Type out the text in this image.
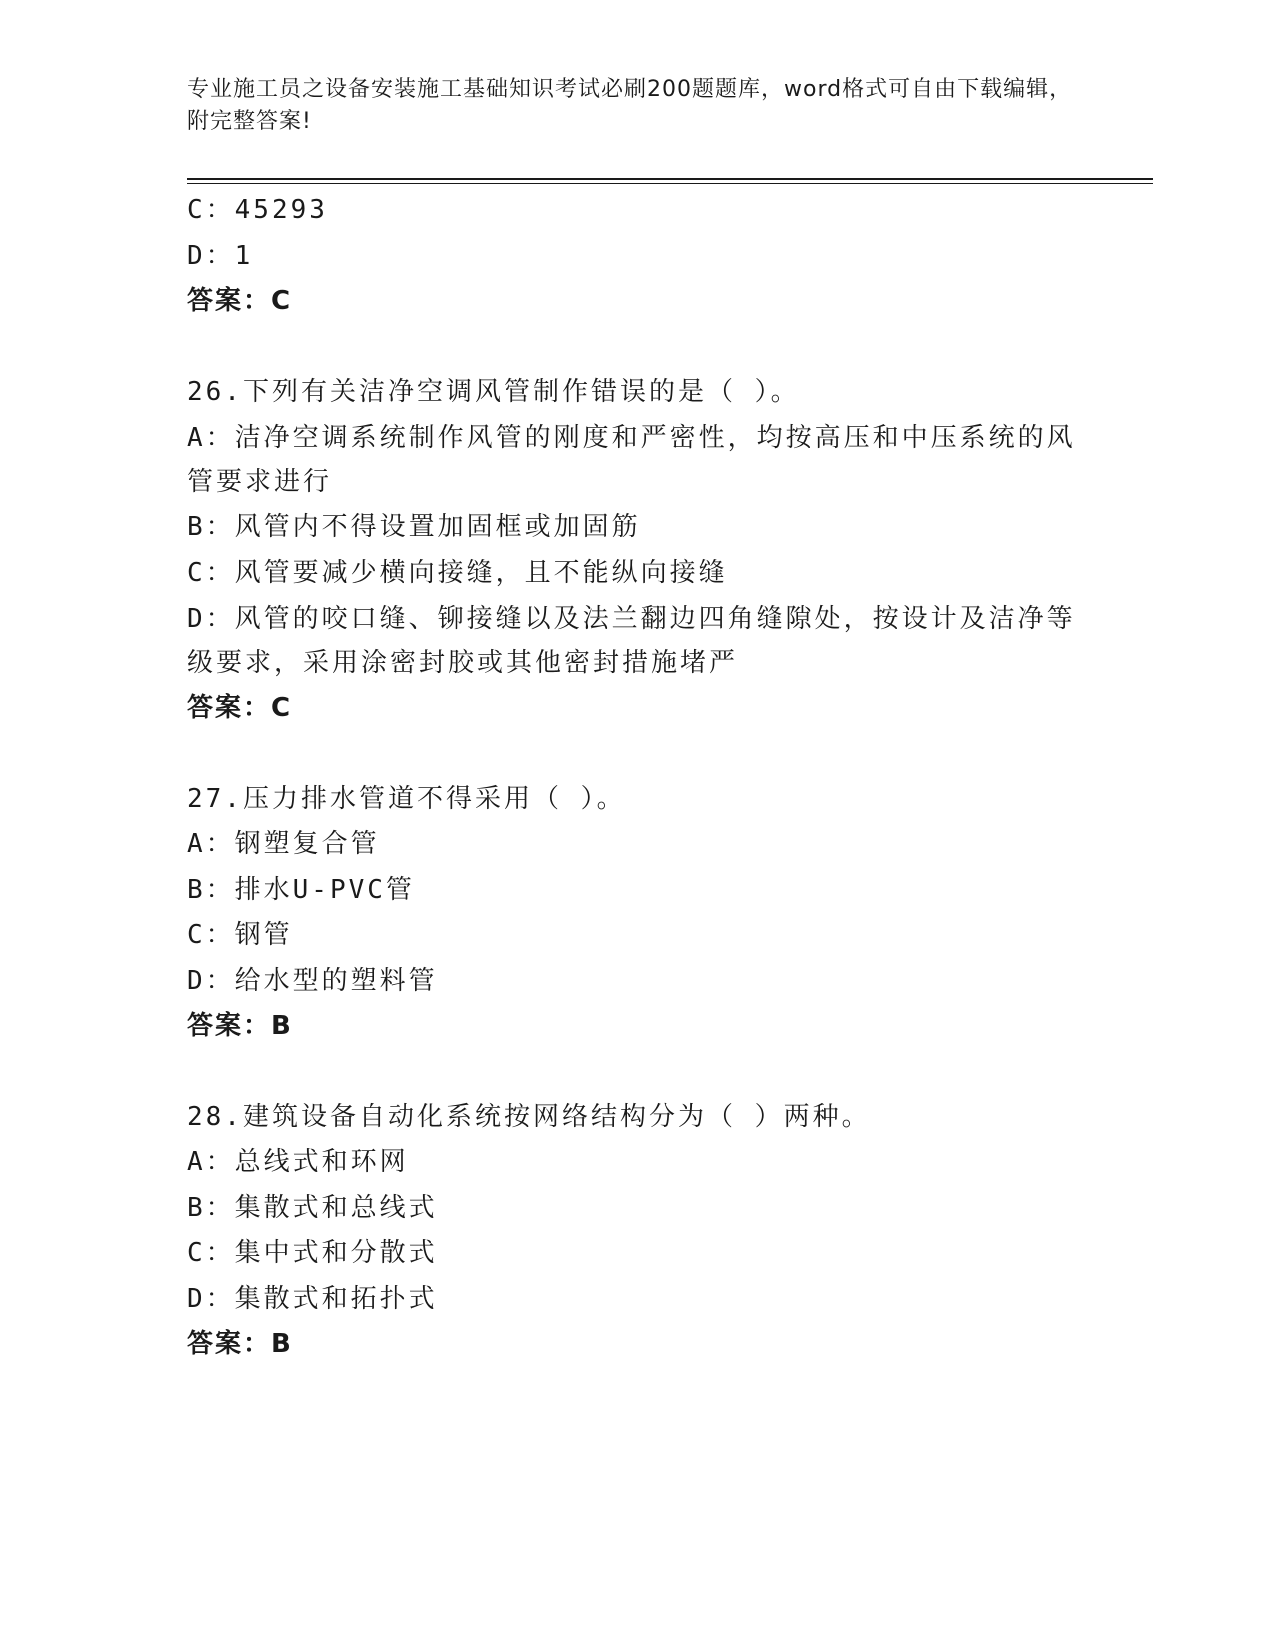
专业施工员之设备安装施工基础知识考试必刷200题题库，word格式可自由下载编辑，附完整答案!
C：45293
D：1
答案：C
26.下列有关洁净空调风管制作错误的是（ ）。
A：洁净空调系统制作风管的刚度和严密性，均按高压和中压系统的风管要求进行
B：风管内不得设置加固框或加固筋
C：风管要减少横向接缝，且不能纵向接缝
D：风管的咬口缝、铆接缝以及法兰翻边四角缝隙处，按设计及洁净等级要求，采用涂密封胶或其他密封措施堵严
答案：C
27.压力排水管道不得采用（ ）。
A：钢塑复合管
B：排水U-PVC管
C：钢管
D：给水型的塑料管
答案：B
28.建筑设备自动化系统按网络结构分为（ ）两种。
A：总线式和环网
B：集散式和总线式
C：集中式和分散式
D：集散式和拓扑式
答案：B
